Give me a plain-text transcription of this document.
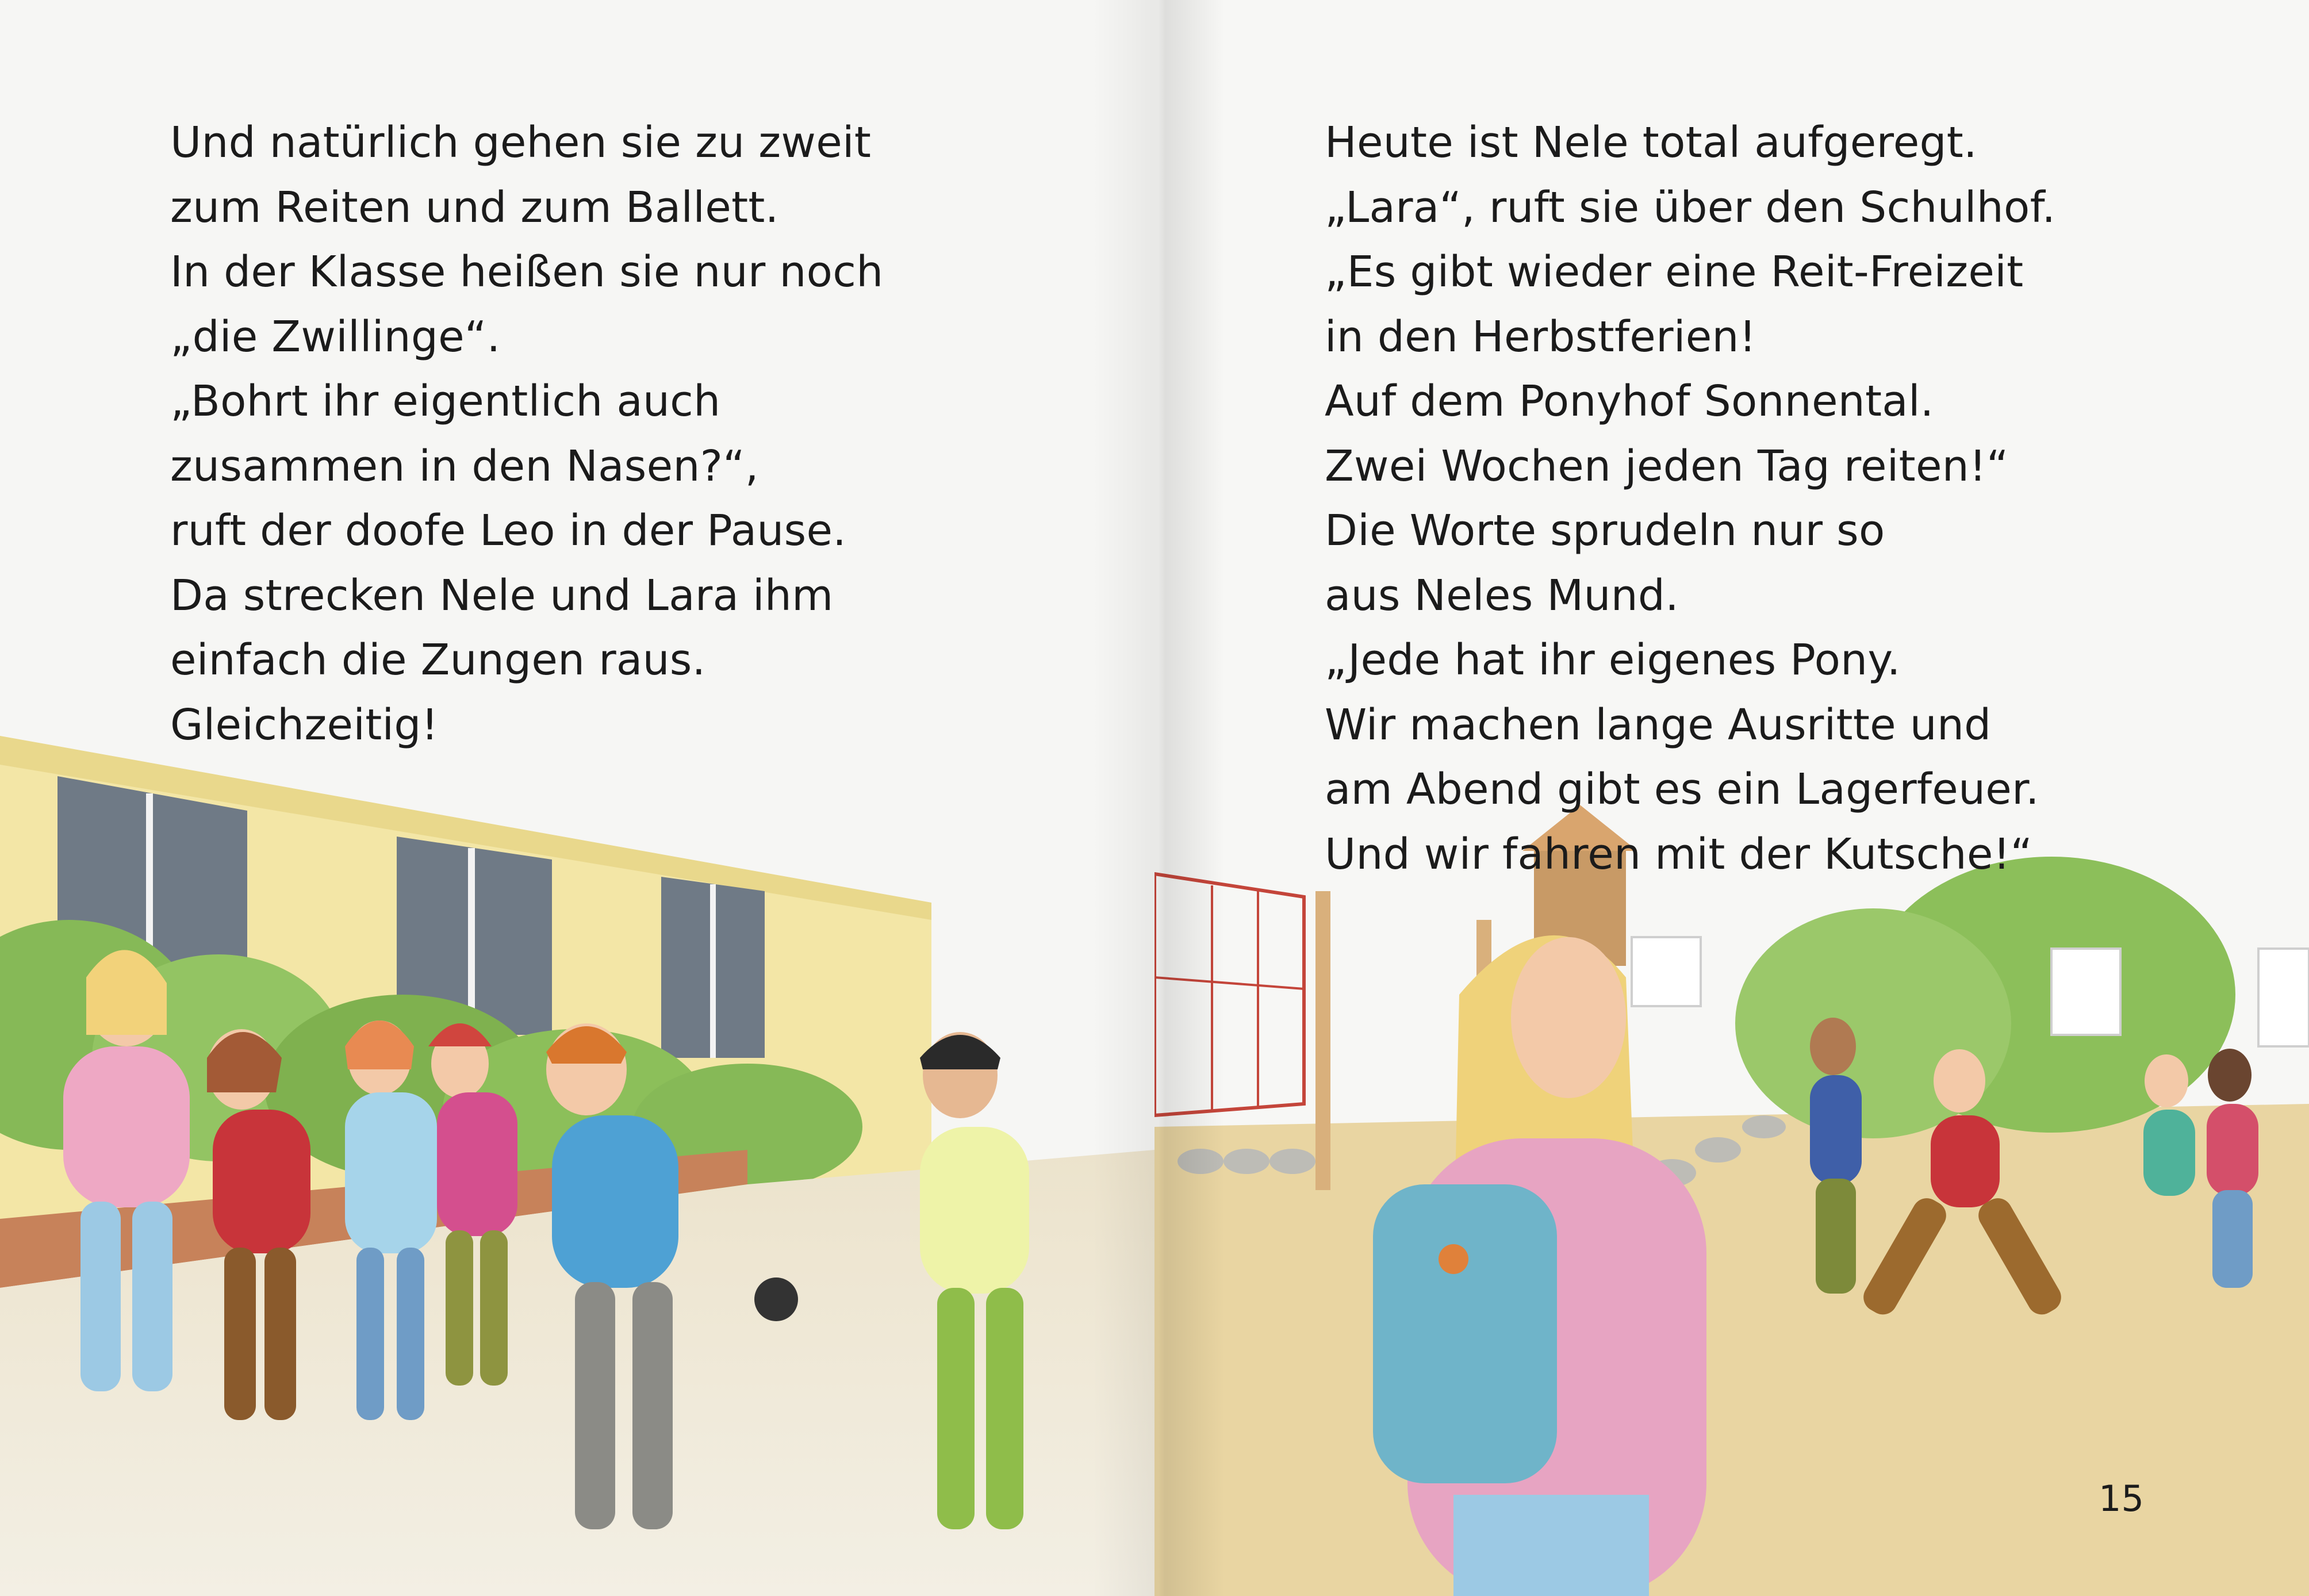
Und natürlich gehen sie zu zweit
zum Reiten und zum Ballett.
In der Klasse heißen sie nur noch
„die Zwillinge“.
„Bohrt ihr eigentlich auch
zusammen in den Nasen?“,
ruft der doofe Leo in der Pause.
Da strecken Nele und Lara ihm
einfach die Zungen raus.
Gleichzeitig!
Heute ist Nele total aufgeregt.
„Lara“, ruft sie über den Schulhof.
„Es gibt wieder eine Reit-Freizeit
in den Herbstferien!
Auf dem Ponyhof Sonnental.
Zwei Wochen jeden Tag reiten!“
Die Worte sprudeln nur so
aus Neles Mund.
„Jede hat ihr eigenes Pony.
Wir machen lange Ausritte und
am Abend gibt es ein Lagerfeuer.
Und wir fahren mit der Kutsche!“
15
